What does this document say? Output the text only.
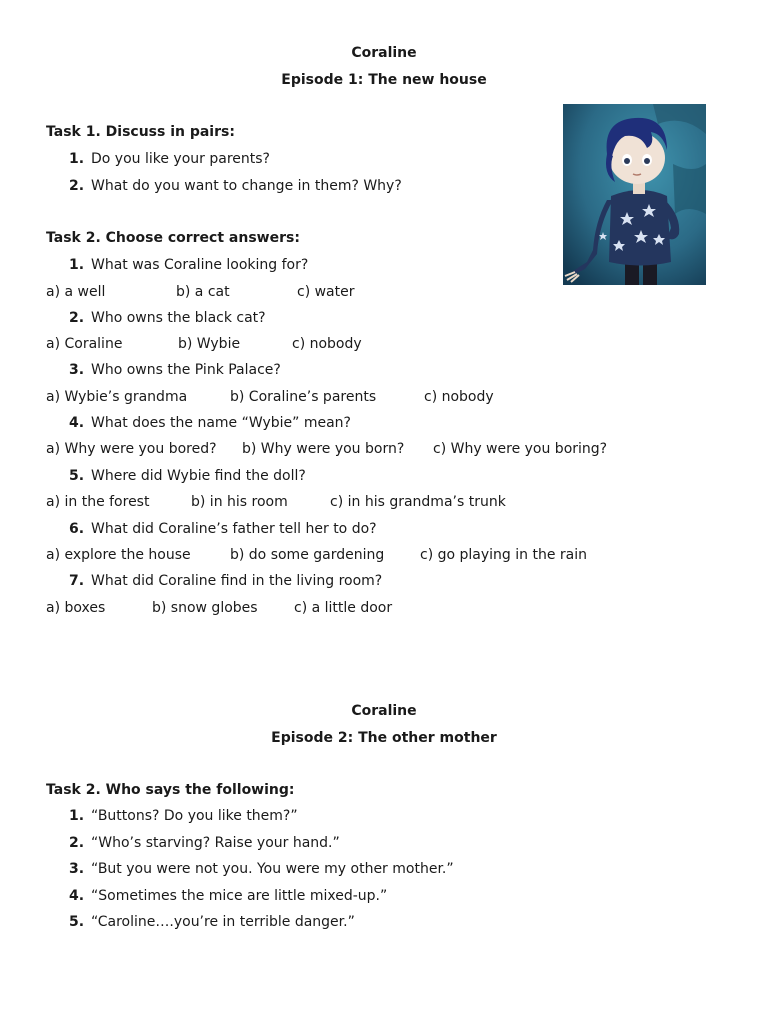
Coraline
Episode 1: The new house
Task 1. Discuss in pairs:
1. Do you like your parents?
2. What do you want to change in them? Why?
Task 2. Choose correct answers:
1. What was Coraline looking for?
a) a well	b) a cat	c) water
2. Who owns the black cat?
a) Coraline	b) Wybie	c) nobody
3. Who owns the Pink Palace?
a) Wybie’s grandma	b) Coraline’s parents	c) nobody
4. What does the name “Wybie” mean?
a) Why were you bored? b) Why were you born? c) Why were you boring?
5. Where did Wybie find the doll?
a) in the forest	b) in his room	c) in his grandma’s trunk
6. What did Coraline’s father tell her to do?
a) explore the house	b) do some gardening	c) go playing in the rain
7. What did Coraline find in the living room?
a) boxes	b) snow globes	c) a little door
Coraline
Episode 2: The other mother
Task 2. Who says the following:
1. “Buttons? Do you like them?”
2. “Who’s starving? Raise your hand.”
3. “But you were not you. You were my other mother.”
4. “Sometimes the mice are little mixed-up.”
5. “Caroline….you’re in terrible danger.”
